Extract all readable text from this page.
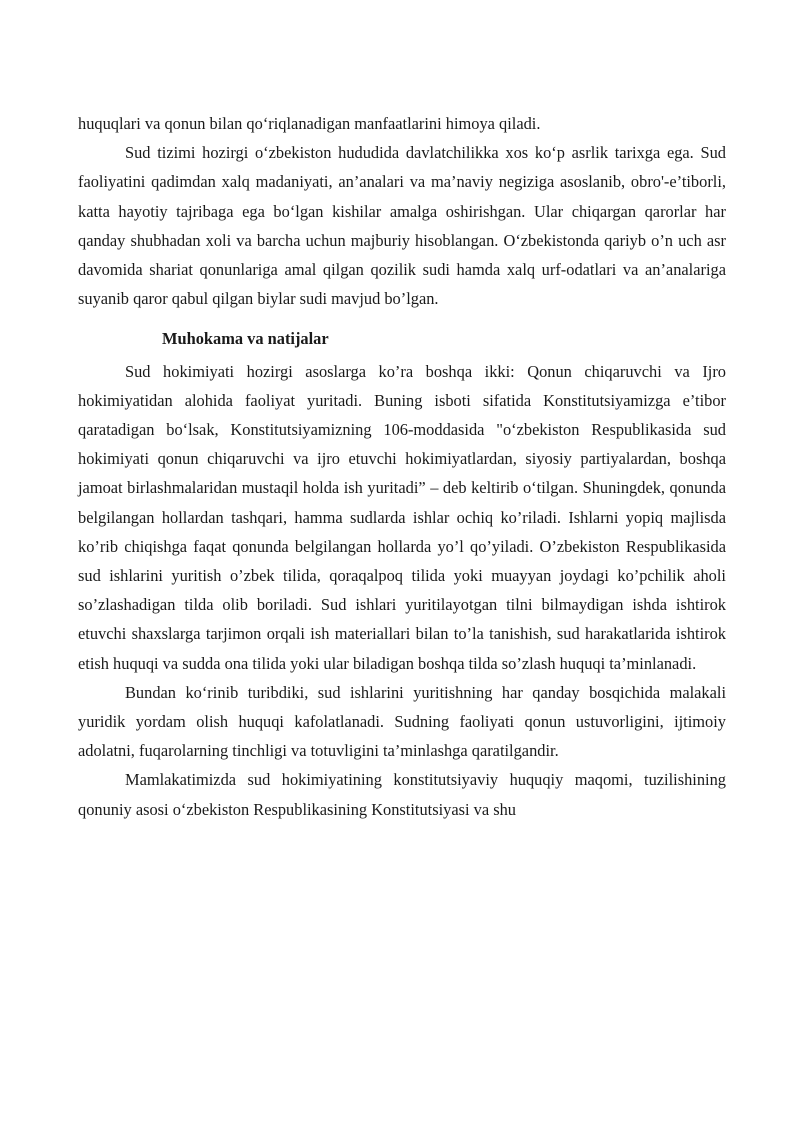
huquqlari va qonun bilan qo‘riqlanadigan manfaatlarini himoya qiladi.

Sud tizimi hozirgi o‘zbekiston hududida davlatchilikka xos ko‘p asrlik tarixga ega. Sud faoliyatini qadimdan xalq madaniyati, an’analari va ma’naviy negiziga asoslanib, obro'-e’tiborli, katta hayotiy tajribaga ega bo‘lgan kishilar amalga oshirishgan. Ular chiqargan qarorlar har qanday shubhadan xoli va barcha uchun majburiy hisoblangan. O‘zbekistonda qariyb o’n uch asr davomida shariat qonunlariga amal qilgan qozilik sudi hamda xalq urf-odatlari va an’analariga suyanib qaror qabul qilgan biylar sudi mavjud bo’lgan.

Muhokama va natijalar

Sud hokimiyati hozirgi asoslarga ko’ra boshqa ikki: Qonun chiqaruvchi va Ijro hokimiyatidan alohida faoliyat yuritadi. Buning isboti sifatida Konstitutsiyamizga e’tibor qaratadigan bo‘lsak, Konstitutsiyamizning 106-moddasida "o‘zbekiston Respublikasida sud hokimiyati qonun chiqaruvchi va ijro etuvchi hokimiyatlardan, siyosiy partiyalardan, boshqa jamoat birlashmalaridan mustaqil holda ish yuritadi” – deb keltirib o‘tilgan. Shuningdek, qonunda belgilangan hollardan tashqari, hamma sudlarda ishlar ochiq ko’riladi. Ishlarni yopiq majlisda ko’rib chiqishga faqat qonunda belgilangan hollarda yo’l qo’yiladi. O’zbekiston Respublikasida sud ishlarini yuritish o’zbek tilida, qoraqalpoq tilida yoki muayyan joydagi ko’pchilik aholi so’zlashadigan tilda olib boriladi. Sud ishlari yuritilayotgan tilni bilmaydigan ishda ishtirok etuvchi shaxslarga tarjimon orqali ish materiallari bilan to’la tanishish, sud harakatlarida ishtirok etish huquqi va sudda ona tilida yoki ular biladigan boshqa tilda so’zlash huquqi ta’minlanadi.

Bundan ko‘rinib turibdiki, sud ishlarini yuritishning har qanday bosqichida malakali yuridik yordam olish huquqi kafolatlanadi. Sudning faoliyati qonun ustuvorligini, ijtimoiy adolatni, fuqarolarning tinchligi va totuvligini ta’minlashga qaratilgandir.

Mamlakatimizda sud hokimiyatining konstitutsiyaviy huquqiy maqomi, tuzilishining qonuniy asosi o‘zbekiston Respublikasining Konstitutsiyasi va shu
